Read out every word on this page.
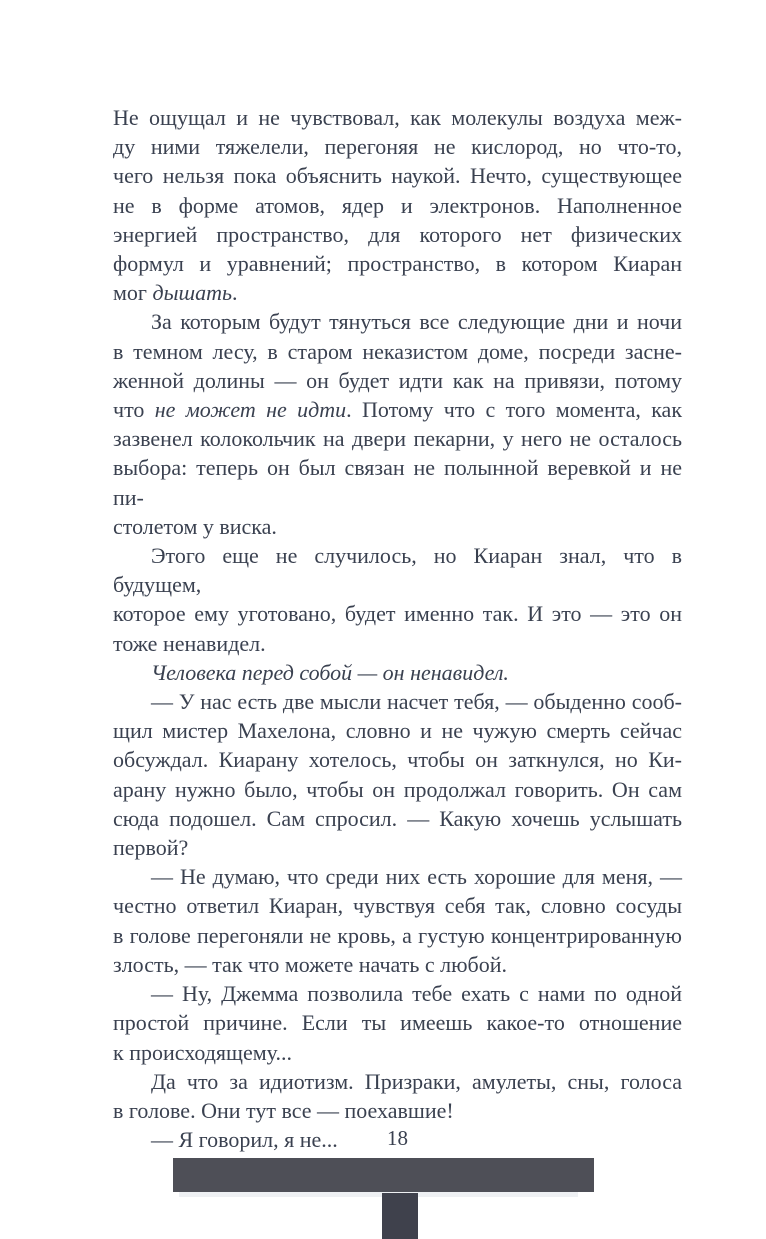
Не ощущал и не чувствовал, как молекулы воздуха меж-
ду ними тяжелели, перегоняя не кислород, но что-то,
чего нельзя пока объяснить наукой. Нечто, существующее
не в форме атомов, ядер и электронов. Наполненное
энергией пространство, для которого нет физических
формул и уравнений; пространство, в котором Киаран
мог дышать.
За которым будут тянуться все следующие дни и ночи
в темном лесу, в старом неказистом доме, посреди засне-
женной долины — он будет идти как на привязи, потому
что не может не идти. Потому что с того момента, как
зазвенел колокольчик на двери пекарни, у него не осталось
выбора: теперь он был связан не полынной веревкой и не пи-
столетом у виска.
Этого еще не случилось, но Киаран знал, что в будущем,
которое ему уготовано, будет именно так. И это — это он
тоже ненавидел.
Человека перед собой — он ненавидел.
— У нас есть две мысли насчет тебя, — обыденно сооб-
щил мистер Махелона, словно и не чужую смерть сейчас
обсуждал. Киарану хотелось, чтобы он заткнулся, но Ки-
арану нужно было, чтобы он продолжал говорить. Он сам
сюда подошел. Сам спросил. — Какую хочешь услышать
первой?
— Не думаю, что среди них есть хорошие для меня, —
честно ответил Киаран, чувствуя себя так, словно сосуды
в голове перегоняли не кровь, а густую концентрированную
злость, — так что можете начать с любой.
— Ну, Джемма позволила тебе ехать с нами по одной
простой причине. Если ты имеешь какое-то отношение
к происходящему...
Да что за идиотизм. Призраки, амулеты, сны, голоса
в голове. Они тут все — поехавшие!
— Я говорил, я не...	18
